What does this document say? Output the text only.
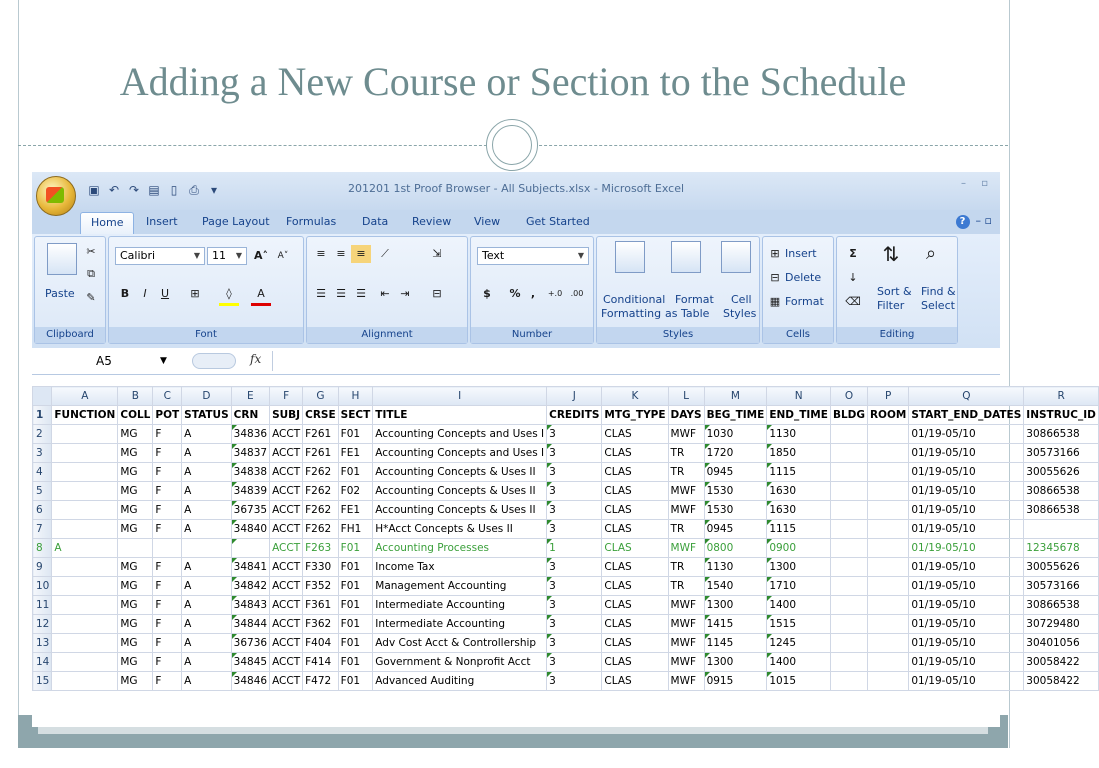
Adding a New Course or Section to the Schedule
▣ ↶ ↷ ▤ ▯ ⎙	▾	201201 1st Proof Browser - All Subjects.xlsx - Microsoft Excel	– ▫
Home	Insert Page Layout Formulas Data Review View Get Started	? – ▫
Paste
✂
⧉
✎
Clipboard
Calibri	▼	11 ▼ A˄	A˅
B	I	U	⊞	◊	A
Font
≡ ≡ ≡	⟋	⇲
☰ ☰ ☰	⇤ ⇥	⊟
Alignment
Text	▼
$	% ,	+.0	.00
Number
Conditional
Formatting
Format
as Table
Cell
Styles
Styles
Insert
Delete
Format
⊞
⊟
▦
Cells
Σ
↓
⌫
⇅ ⌕
Sort &
Filter
Find &
Select
Editing
A5	▼	fx
	A	B	C	D	E	F	G	H	I	J	K	L	M	N	O	P	Q	R
1	FUNCTION	COLL	POT	STATUS	CRN	SUBJ	CRSE	SECT	TITLE	CREDITS	MTG_TYPE	DAYS	BEG_TIME	END_TIME	BLDG	ROOM	START_END_DATES	INSTRUC_ID
2		MG	F	A	34836	ACCT	F261	F01	Accounting Concepts and Uses I	3	CLAS	MWF	1030	1130			01/19-05/10	30866538
3		MG	F	A	34837	ACCT	F261	FE1	Accounting Concepts and Uses I	3	CLAS	TR	1720	1850			01/19-05/10	30573166
4		MG	F	A	34838	ACCT	F262	F01	Accounting Concepts & Uses II	3	CLAS	TR	0945	1115			01/19-05/10	30055626
5		MG	F	A	34839	ACCT	F262	F02	Accounting Concepts & Uses II	3	CLAS	MWF	1530	1630			01/19-05/10	30866538
6		MG	F	A	36735	ACCT	F262	FE1	Accounting Concepts & Uses II	3	CLAS	MWF	1530	1630			01/19-05/10	30866538
7		MG	F	A	34840	ACCT	F262	FH1	H*Acct Concepts & Uses II	3	CLAS	TR	0945	1115			01/19-05/10	
8	A					ACCT	F263	F01	Accounting Processes	1	CLAS	MWF	0800	0900			01/19-05/10	12345678
9		MG	F	A	34841	ACCT	F330	F01	Income Tax	3	CLAS	TR	1130	1300			01/19-05/10	30055626
10		MG	F	A	34842	ACCT	F352	F01	Management Accounting	3	CLAS	TR	1540	1710			01/19-05/10	30573166
11		MG	F	A	34843	ACCT	F361	F01	Intermediate Accounting	3	CLAS	MWF	1300	1400			01/19-05/10	30866538
12		MG	F	A	34844	ACCT	F362	F01	Intermediate Accounting	3	CLAS	MWF	1415	1515			01/19-05/10	30729480
13		MG	F	A	36736	ACCT	F404	F01	Adv Cost Acct & Controllership	3	CLAS	MWF	1145	1245			01/19-05/10	30401056
14		MG	F	A	34845	ACCT	F414	F01	Government & Nonprofit Acct	3	CLAS	MWF	1300	1400			01/19-05/10	30058422
15		MG	F	A	34846	ACCT	F472	F01	Advanced Auditing	3	CLAS	MWF	0915	1015			01/19-05/10	30058422
